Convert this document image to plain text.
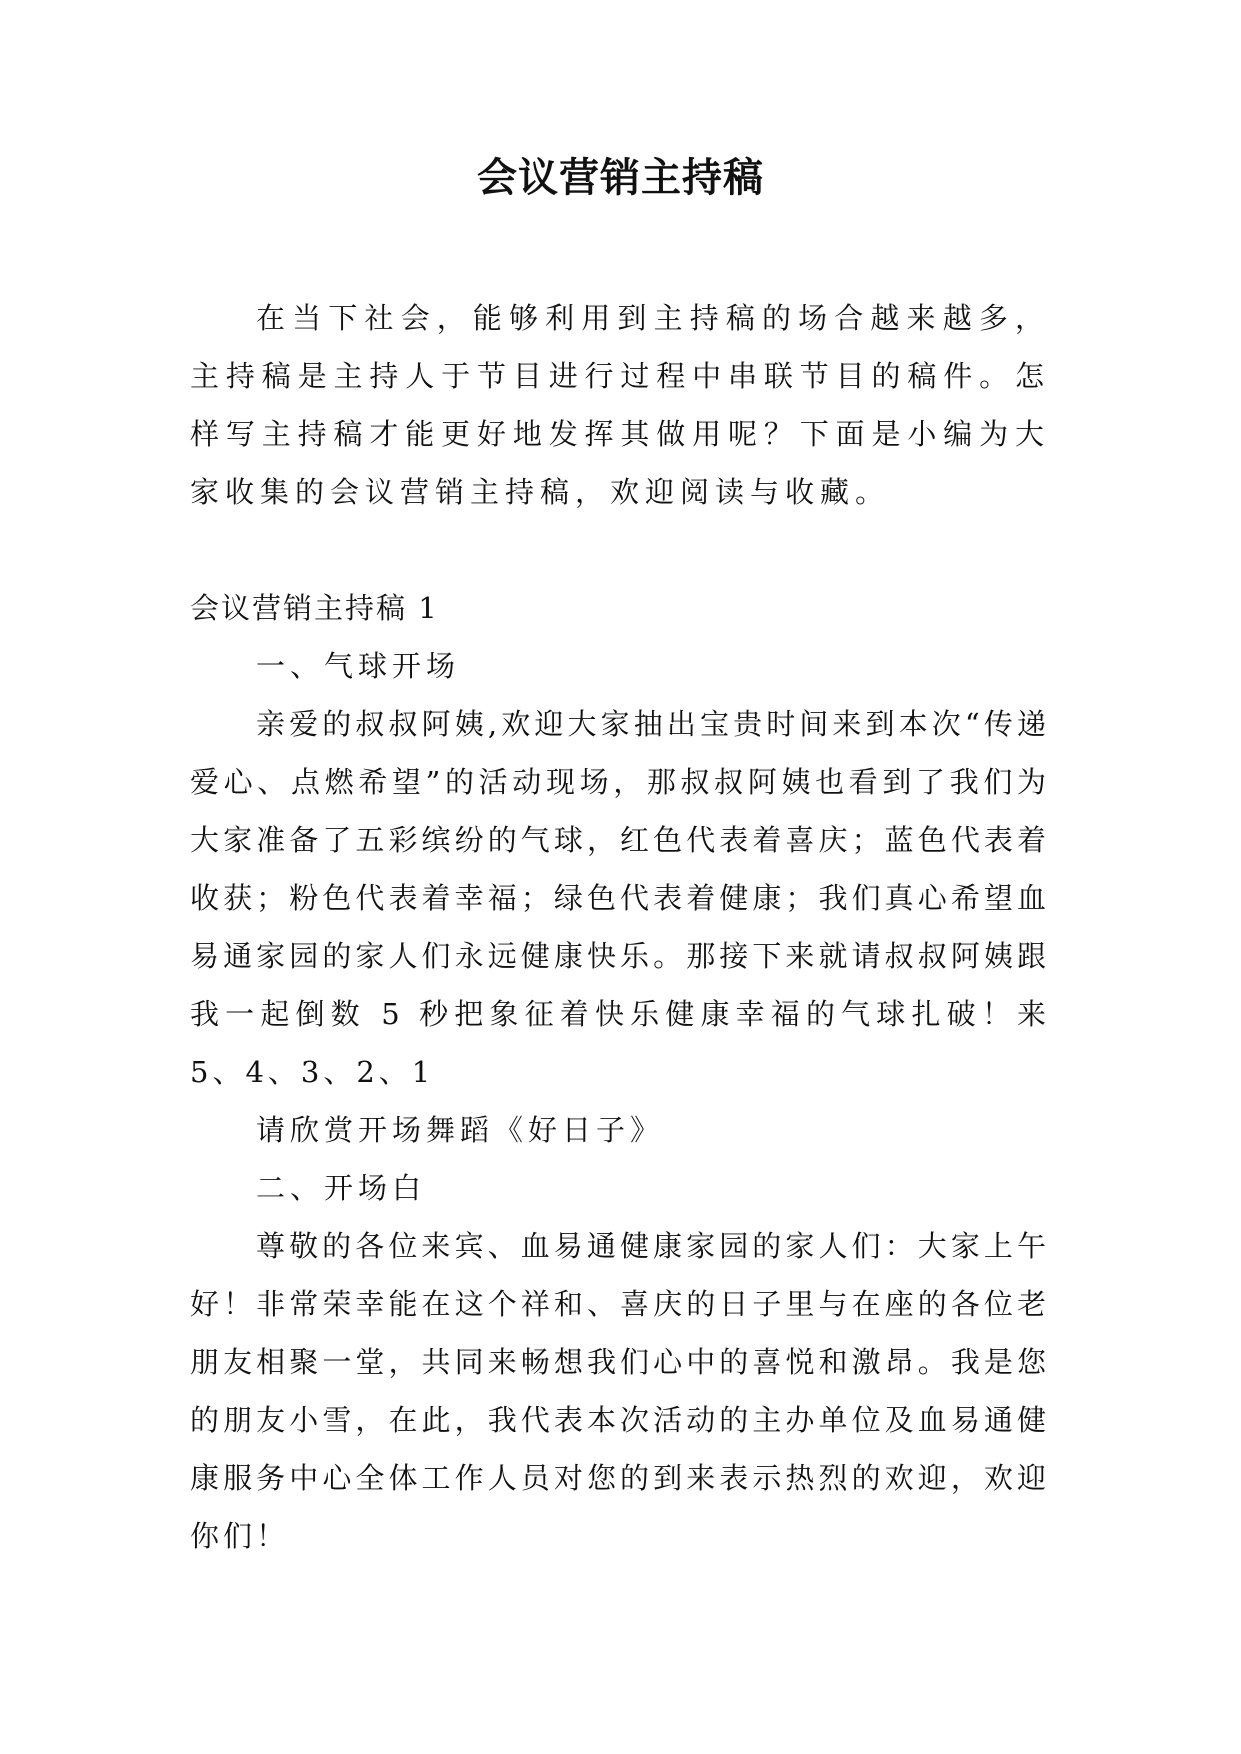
会议营销主持稿

在当下社会，能够利用到主持稿的场合越来越多，主持稿是主持人于节目进行过程中串联节目的稿件。怎样写主持稿才能更好地发挥其做用呢？下面是小编为大家收集的会议营销主持稿，欢迎阅读与收藏。

会议营销主持稿 1

一、气球开场

亲爱的叔叔阿姨,欢迎大家抽出宝贵时间来到本次“传递爱心、点燃希望”的活动现场，那叔叔阿姨也看到了我们为大家准备了五彩缤纷的气球，红色代表着喜庆；蓝色代表着收获；粉色代表着幸福；绿色代表着健康；我们真心希望血易通家园的家人们永远健康快乐。那接下来就请叔叔阿姨跟我一起倒数 5 秒把象征着快乐健康幸福的气球扎破！来 5、4、3、2、1

请欣赏开场舞蹈《好日子》

二、开场白

尊敬的各位来宾、血易通健康家园的家人们：大家上午好！非常荣幸能在这个祥和、喜庆的日子里与在座的各位老朋友相聚一堂，共同来畅想我们心中的喜悦和激昂。我是您的朋友小雪，在此，我代表本次活动的主办单位及血易通健康服务中心全体工作人员对您的到来表示热烈的欢迎，欢迎你们！
